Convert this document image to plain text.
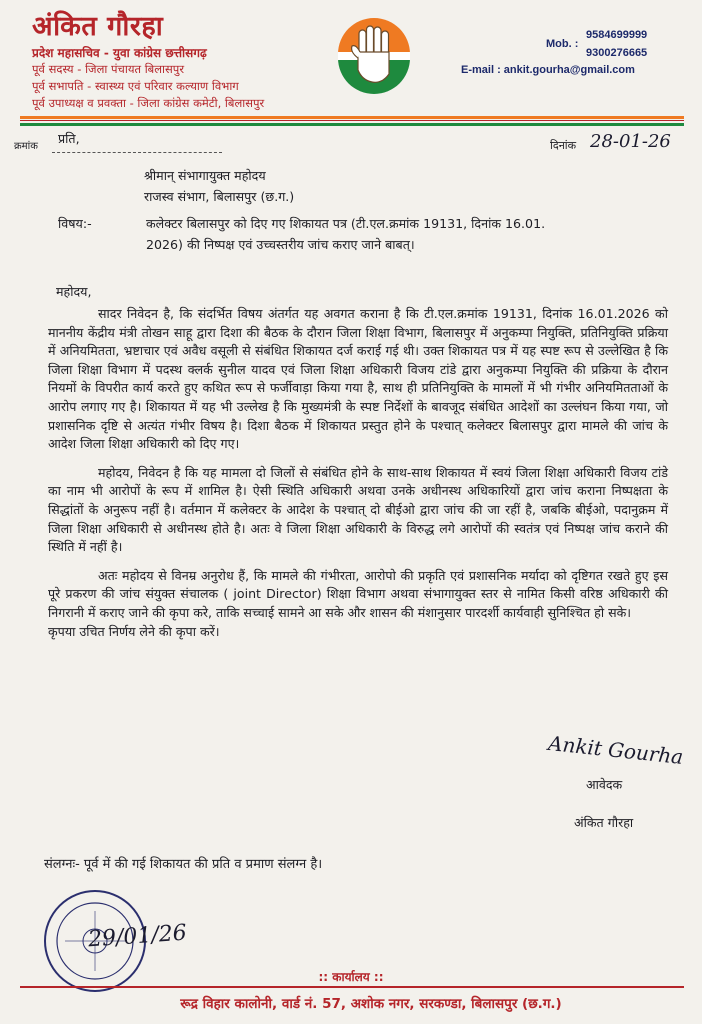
अंकित गौरहा
प्रदेश महासचिव - युवा कांग्रेस छत्तीसगढ़
पूर्व सदस्य - जिला पंचायत बिलासपुर
पूर्व सभापति - स्वास्थ्य एवं परिवार कल्याण विभाग
पूर्व उपाध्यक्ष व प्रवक्ता - जिला कांग्रेस कमेटी, बिलासपुर
Mob. :
9584699999
9300276665
E-mail : ankit.gourha@gmail.com
क्रमांक
प्रति,	दिनांक 28-01-26
श्रीमान् संभागायुक्त महोदय
राजस्व संभाग, बिलासपुर (छ.ग.)
विषय:-	कलेक्टर बिलासपुर को दिए गए शिकायत पत्र (टी.एल.क्रमांक 19131, दिनांक 16.01.
2026) की निष्पक्ष एवं उच्चस्तरीय जांच कराए जाने बाबत्।
महोदय,

सादर निवेदन है, कि संदर्भित विषय अंतर्गत यह अवगत कराना है कि टी.एल.क्रमांक 19131, दिनांक 16.01.2026 को माननीय केंद्रीय मंत्री तोखन साहू द्वारा दिशा की बैठक के दौरान जिला शिक्षा विभाग, बिलासपुर में अनुकम्पा नियुक्ति, प्रतिनियुक्ति प्रक्रिया में अनियमितता, भ्रष्टाचार एवं अवैध वसूली से संबंधित शिकायत दर्ज कराई गई थी। उक्त शिकायत पत्र में यह स्पष्ट रूप से उल्लेखित है कि जिला शिक्षा विभाग में पदस्थ क्लर्क सुनील यादव एवं जिला शिक्षा अधिकारी विजय टांडे द्वारा अनुकम्पा नियुक्ति की प्रक्रिया के दौरान नियमों के विपरीत कार्य करते हुए कथित रूप से फर्जीवाड़ा किया गया है, साथ ही प्रतिनियुक्ति के मामलों में भी गंभीर अनियमितताओं के आरोप लगाए गए है। शिकायत में यह भी उल्लेख है कि मुख्यमंत्री के स्पष्ट निर्देशों के बावजूद संबंधित आदेशों का उल्लंघन किया गया, जो प्रशासनिक दृष्टि से अत्यंत गंभीर विषय है। दिशा बैठक में शिकायत प्रस्तुत होने के पश्चात् कलेक्टर बिलासपुर द्वारा मामले की जांच के आदेश जिला शिक्षा अधिकारी को दिए गए।

महोदय, निवेदन है कि यह मामला दो जिलों से संबंधित होने के साथ-साथ शिकायत में स्वयं जिला शिक्षा अधिकारी विजय टांडे का नाम भी आरोपों के रूप में शामिल है। ऐसी स्थिति अधिकारी अथवा उनके अधीनस्थ अधिकारियों द्वारा जांच कराना निष्पक्षता के सिद्धांतों के अनुरूप नहीं है। वर्तमान में कलेक्टर के आदेश के पश्चात् दो बीईओ द्वारा जांच की जा रहीं है, जबकि बीईओ, पदानुक्रम में जिला शिक्षा अधिकारी से अधीनस्थ होते है। अतः वे जिला शिक्षा अधिकारी के विरुद्ध लगे आरोपों की स्वतंत्र एवं निष्पक्ष जांच कराने की स्थिति में नहीं है।

अतः महोदय से विनम्र अनुरोध हैं, कि मामले की गंभीरता, आरोपो की प्रकृति एवं प्रशासनिक मर्यादा को दृष्टिगत रखते हुए इस पूरे प्रकरण की जांच संयुक्त संचालक ( joint Director) शिक्षा विभाग अथवा संभागायुक्त स्तर से नामित किसी वरिष्ठ अधिकारी की निगरानी में कराए जाने की कृपा करे, ताकि सच्चाई सामने आ सके और शासन की मंशानुसार पारदर्शी कार्यवाही सुनिश्चित हो सके।

कृपया उचित निर्णय लेने की कृपा करें।

Ankit Gourha
आवेदक
अंकित गौरहा
संलग्नः- पूर्व में की गई शिकायत की प्रति व प्रमाण संलग्न है।
29/01/26
:: कार्यालय ::
रूद्र विहार कालोनी, वार्ड नं. 57, अशोक नगर, सरकण्डा, बिलासपुर (छ.ग.)
